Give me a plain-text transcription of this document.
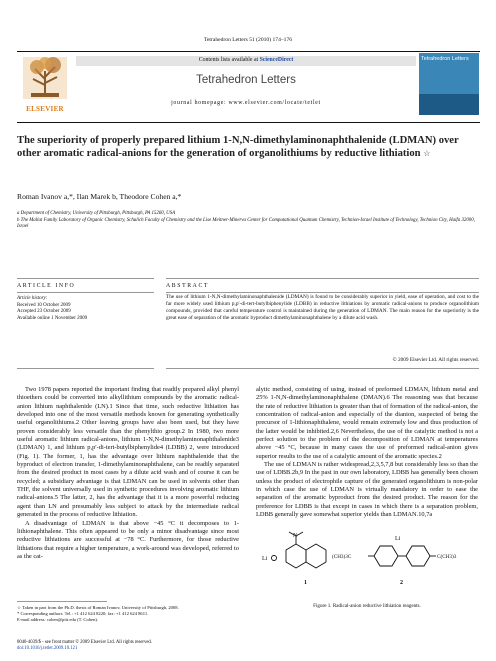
Tetrahedron Letters 51 (2010) 174–176
ELSEVIER
Contents lists available at ScienceDirect
Tetrahedron Letters
journal homepage: www.elsevier.com/locate/tetlet
Tetrahedron Letters
The superiority of properly prepared lithium 1-N,N-dimethylaminonaphthalenide (LDMAN) over other aromatic radical-anions for the generation of organolithiums by reductive lithiation ☆
Roman Ivanov a,*, Ilan Marek b, Theodore Cohen a,*
a Department of Chemistry, University of Pittsburgh, Pittsburgh, PA 15260, USA
b The Mallat Family Laboratory of Organic Chemistry, Schulich Faculty of Chemistry and the Lise Meitner-Minerva Center for Computational Quantum Chemistry, Technion-Israel Institute of Technology, Technion City, Haifa 32000, Israel
ARTICLE INFO	ABSTRACT
Article history:
Received 10 October 2009
Accepted 23 October 2009
Available online 1 November 2009
The use of lithium 1-N,N-dimethylaminonaphthalenide (LDMAN) is found to be considerably superior in yield, ease of operation, and cost to the far more widely used lithium p,p′-di-tert-butylbiphenylide (LDBB) in reductive lithiations by aromatic radical-anions to produce organolithium compounds, provided that careful temperature control is maintained during the generation of LDMAN. The main reason for the superiority is the great ease of separation of the aromatic byproduct dimethylaminonaphthalene by a dilute acid wash.
© 2009 Elsevier Ltd. All rights reserved.

Two 1978 papers reported the important finding that readily prepared alkyl phenyl thioethers could be converted into alkyllithium compounds by the aromatic radical-anion lithium naphthalenide (LN).1 Since that time, such reductive lithiation has developed into one of the most versatile methods known for generating synthetically useful organolithiums.2 Other leaving groups have also been used, but they have proven considerably less versatile than the phenylthio group.2 In 1980, two more useful aromatic lithium radical-anions, lithium 1-N,N-dimethylaminonaphthalenide3 (LDMAN) 1, and lithium p,p′-di-tert-butylbiphenylide4 (LDBB) 2, were introduced (Fig. 1). The former, 1, has the advantage over lithium naphthalenide that the byproduct of electron transfer, 1-dimethylaminonaphthalene, can be readily separated from the desired product in most cases by a dilute acid wash and of course it can be recycled; a subsidiary advantage is that LDMAN can be used in solvents other than THF, the solvent universally used in synthetic procedures involving aromatic lithium radical-anions.5 The latter, 2, has the advantage that it is a more powerful reducing agent than LN and presumably less subject to attack by the intermediate radical generated in the process of reductive lithiation.

A disadvantage of LDMAN is that above −45 °C it decomposes to 1-lithionaphthalene. This often appeared to be only a minor disadvantage since most reductive lithiations are successful at −78 °C. Furthermore, for those reductive lithiations that require a higher temperature, a work-around was developed, referred to as the cat-

alytic method, consisting of using, instead of preformed LDMAN, lithium metal and 25% 1-N,N-dimethylaminonaphthalene (DMAN).6 The reasoning was that because the rate of reductive lithiation is greater than that of formation of the radical-anion, the concentration of radical-anion and especially of the dianion, suspected of being the precursor of 1-lithionaphthalene, would remain extremely low and thus production of the latter would be inhibited.2,6 Nevertheless, the use of the catalytic method is not a perfect solution to the problem of the decomposition of LDMAN at temperatures above −45 °C, because in many cases the use of preformed radical-anion gives superior results to the use of a catalytic amount of the aromatic species.2

The use of LDMAN is rather widespread,2,3,5,7,8 but considerably less so than the use of LDBB.2b,9 In the past in our own laboratory, LDBB has generally been chosen unless the product of electrophile capture of the generated organolithium is non-polar in which case the use of LDMAN is virtually mandatory in order to ease the separation of the aromatic byproduct from the desired product. The reason for the preference for LDBB is that except in cases in which there is a separation problem, LDBB generally gave somewhat superior yields than LDMAN.10,7a

N
Li
1
(CH3)3C	C(CH3)3
Li
2
Figure 1. Radical-anion reductive lithiation reagents.
☆ Taken in part from the Ph.D. thesis of Roman Ivanov, University of Pittsburgh, 2008.
* Corresponding authors. Tel.: +1 412 624 8220; fax: +1 412 624 8611.
E-mail address: cohen@pitt.edu (T. Cohen).
0040-4039/$ - see front matter © 2009 Elsevier Ltd. All rights reserved.
doi:10.1016/j.tetlet.2009.10.121
